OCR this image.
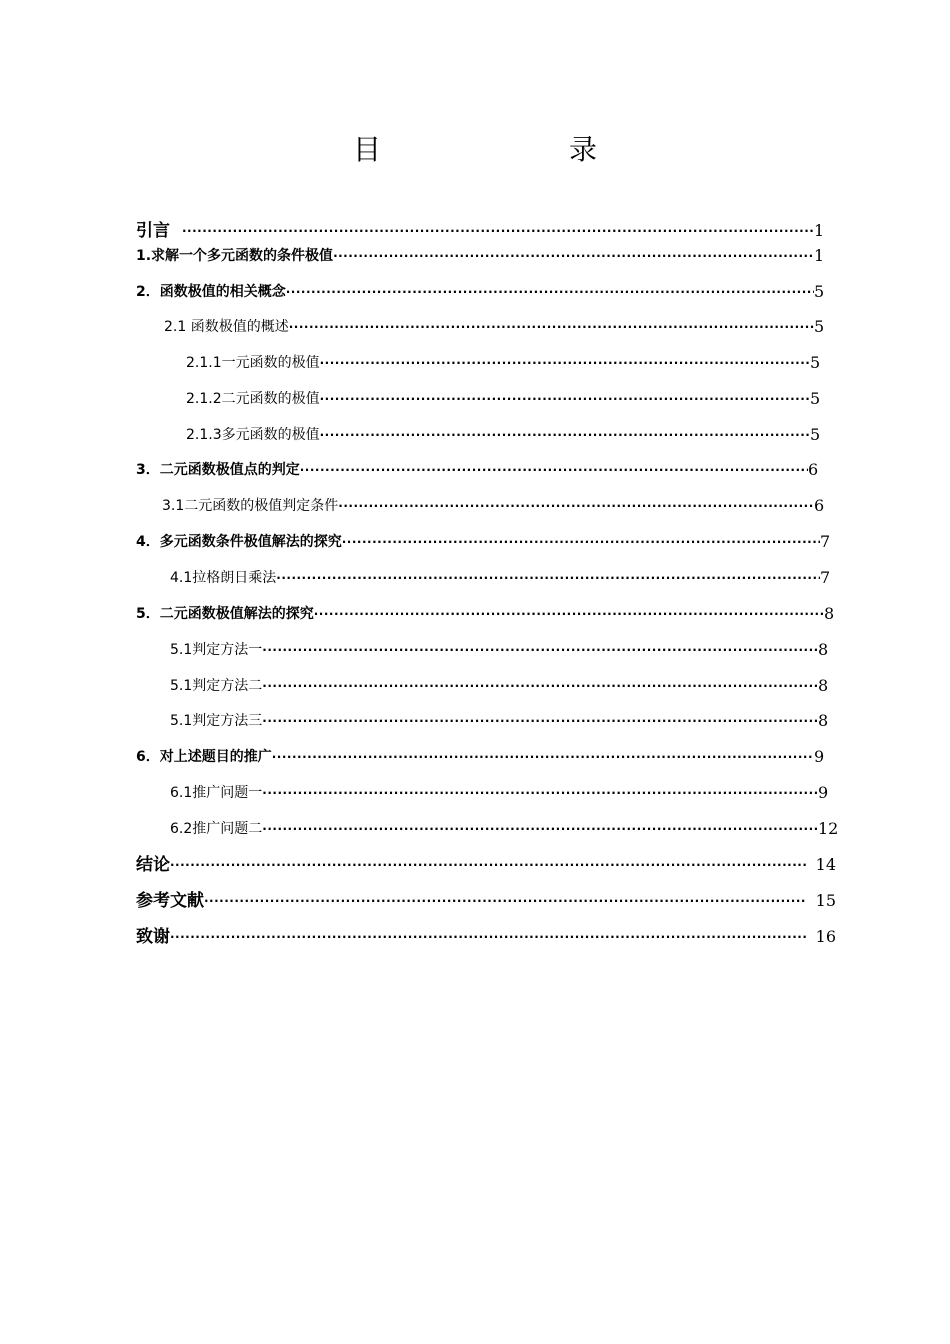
目　　录
引言 ·····	1
1.求解一个多元函数的条件极值 ·····	1
2．函数极值的相关概念 ·····	5
2.1 函数极值的概述 ·····	5
2.1.1一元函数的极值 ·····	5
2.1.2二元函数的极值 ·····	5
2.1.3多元函数的极值 ·····	5
3．二元函数极值点的判定 ·····	6
3.1二元函数的极值判定条件 ·····	6
4．多元函数条件极值解法的探究 ·····	7
4.1拉格朗日乘法 ·····	7
5．二元函数极值解法的探究 ·····	8
5.1判定方法一 ·····	8
5.1判定方法二 ·····	8
5.1判定方法三 ·····	8
6．对上述题目的推广 ·····	9
6.1推广问题一 ·····	9
6.2推广问题二 ·····	12
结论 ·····	14
参考文献 ·····	15
致谢 ·····	16
